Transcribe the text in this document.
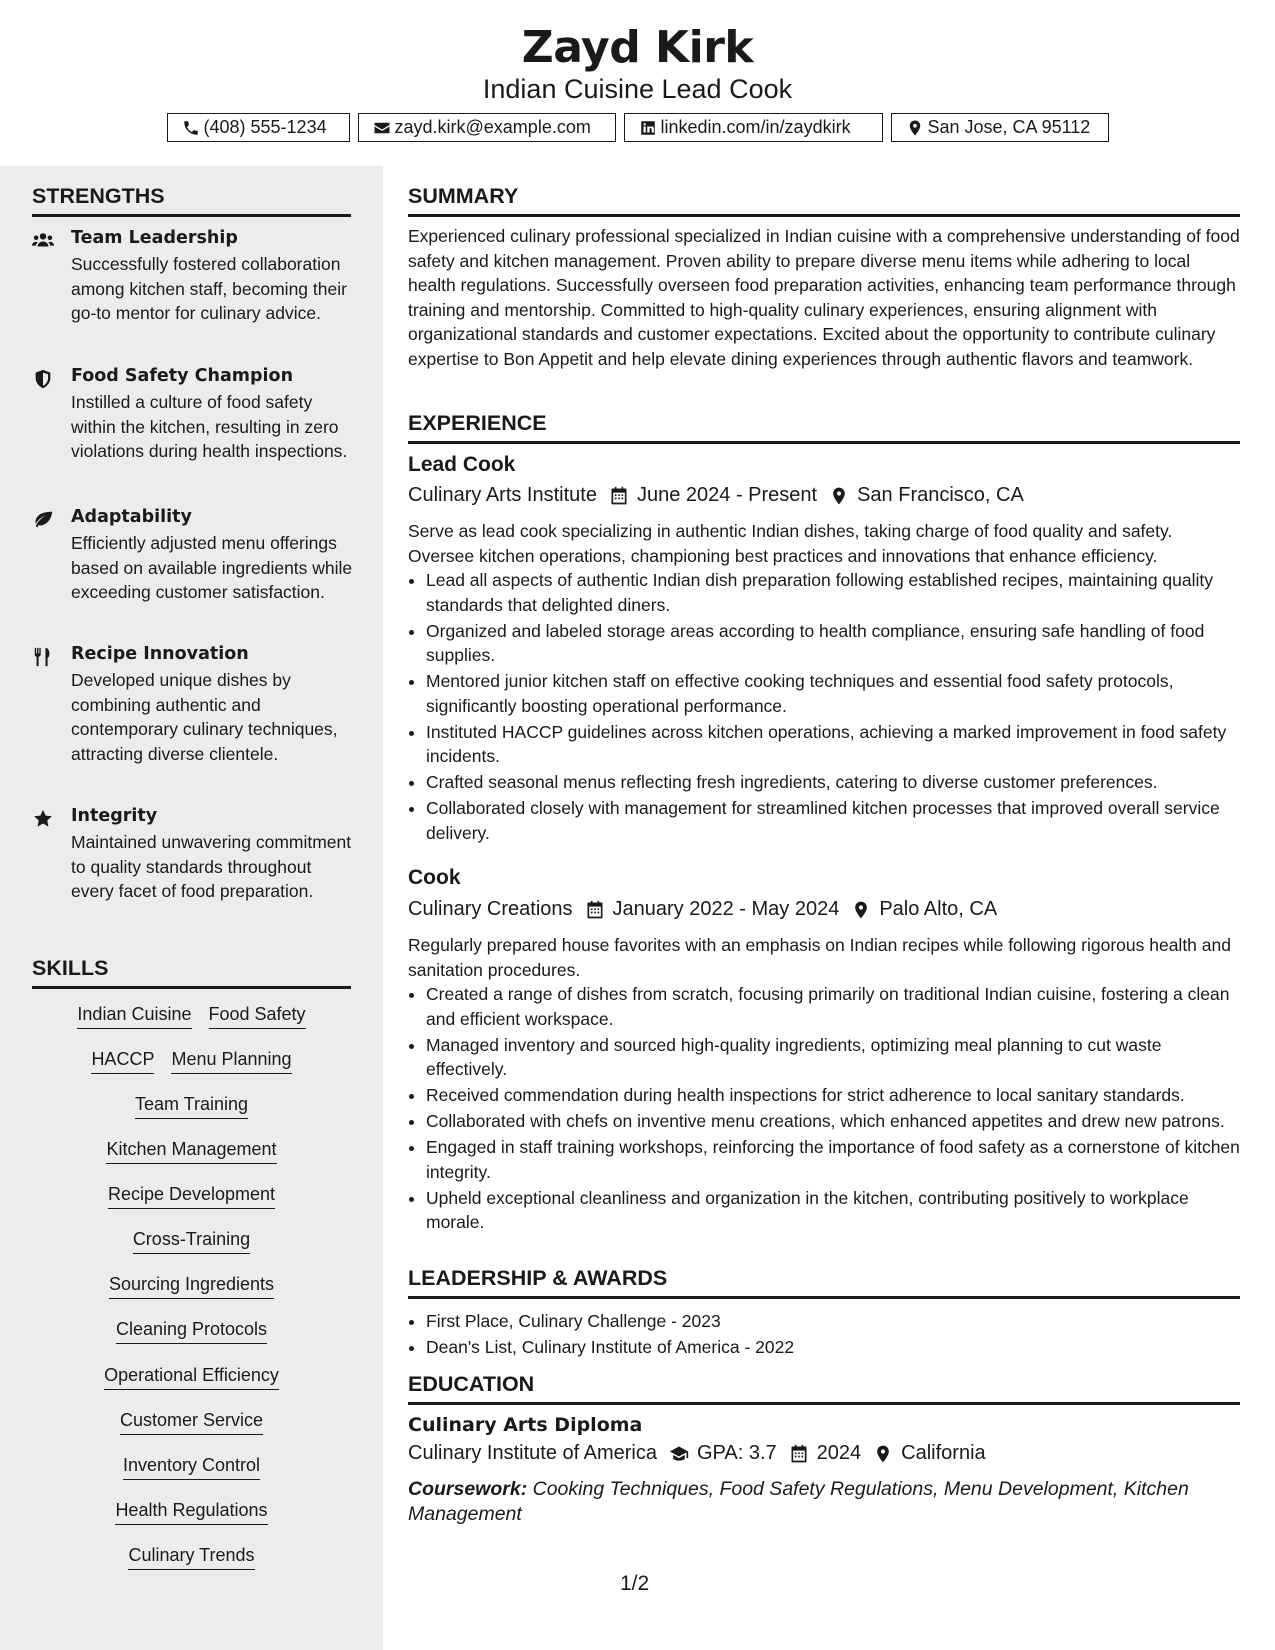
Zayd Kirk
Indian Cuisine Lead Cook
(408) 555-1234	zayd.kirk@example.com	linkedin.com/in/zaydkirk	San Jose, CA 95112
STRENGTHS
Team Leadership
Successfully fostered collaboration among kitchen staff, becoming their go-to mentor for culinary advice.
Food Safety Champion
Instilled a culture of food safety within the kitchen, resulting in zero violations during health inspections.
Adaptability
Efficiently adjusted menu offerings based on available ingredients while exceeding customer satisfaction.
Recipe Innovation
Developed unique dishes by combining authentic and contemporary culinary techniques, attracting diverse clientele.
Integrity
Maintained unwavering commitment to quality standards throughout every facet of food preparation.
SKILLS
Indian Cuisine Food Safety
HACCP Menu Planning
Team Training
Kitchen Management
Recipe Development
Cross-Training
Sourcing Ingredients
Cleaning Protocols
Operational Efficiency
Customer Service
Inventory Control
Health Regulations
Culinary Trends
SUMMARY
Experienced culinary professional specialized in Indian cuisine with a comprehensive understanding of food safety and kitchen management. Proven ability to prepare diverse menu items while adhering to local health regulations. Successfully overseen food preparation activities, enhancing team performance through training and mentorship. Committed to high-quality culinary experiences, ensuring alignment with organizational standards and customer expectations. Excited about the opportunity to contribute culinary expertise to Bon Appetit and help elevate dining experiences through authentic flavors and teamwork.
EXPERIENCE
Lead Cook
Culinary Arts Institute June 2024 - Present San Francisco, CA
Serve as lead cook specializing in authentic Indian dishes, taking charge of food quality and safety. Oversee kitchen operations, championing best practices and innovations that enhance efficiency.
• Lead all aspects of authentic Indian dish preparation following established recipes, maintaining quality standards that delighted diners.
• Organized and labeled storage areas according to health compliance, ensuring safe handling of food supplies.
• Mentored junior kitchen staff on effective cooking techniques and essential food safety protocols, significantly boosting operational performance.
• Instituted HACCP guidelines across kitchen operations, achieving a marked improvement in food safety incidents.
• Crafted seasonal menus reflecting fresh ingredients, catering to diverse customer preferences.
• Collaborated closely with management for streamlined kitchen processes that improved overall service delivery.
Cook
Culinary Creations January 2022 - May 2024 Palo Alto, CA
Regularly prepared house favorites with an emphasis on Indian recipes while following rigorous health and sanitation procedures.
• Created a range of dishes from scratch, focusing primarily on traditional Indian cuisine, fostering a clean and efficient workspace.
• Managed inventory and sourced high-quality ingredients, optimizing meal planning to cut waste effectively.
• Received commendation during health inspections for strict adherence to local sanitary standards.
• Collaborated with chefs on inventive menu creations, which enhanced appetites and drew new patrons.
• Engaged in staff training workshops, reinforcing the importance of food safety as a cornerstone of kitchen integrity.
• Upheld exceptional cleanliness and organization in the kitchen, contributing positively to workplace morale.
LEADERSHIP & AWARDS
• First Place, Culinary Challenge - 2023
• Dean's List, Culinary Institute of America - 2022
EDUCATION
Culinary Arts Diploma
Culinary Institute of America GPA: 3.7 2024 California
Coursework: Cooking Techniques, Food Safety Regulations, Menu Development, Kitchen Management
1/2
